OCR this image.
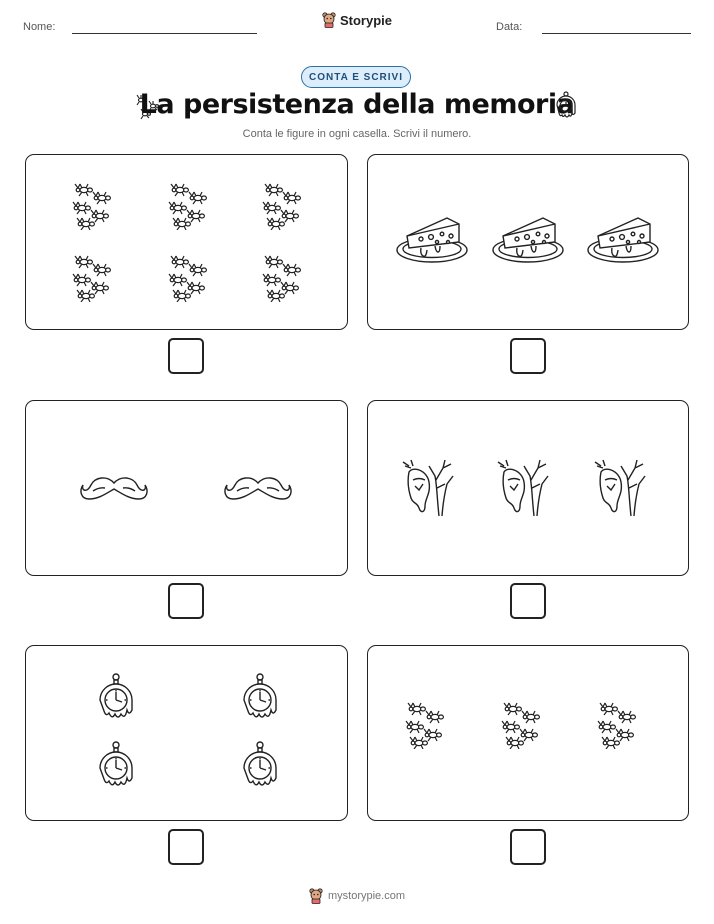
Nome:	Storypie	Data:
CONTA E SCRIVI
La persistenza della memoria
Conta le figure in ogni casella. Scrivi il numero.
mystorypie.com
